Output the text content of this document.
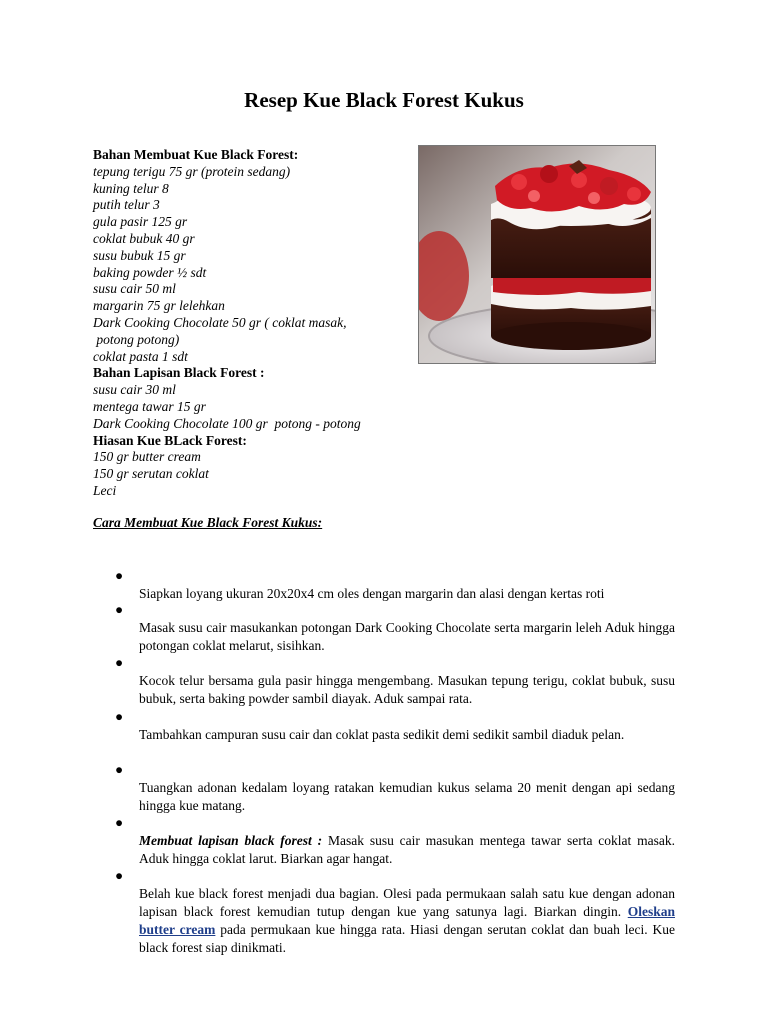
Resep Kue Black Forest Kukus
Bahan Membuat Kue Black Forest:
tepung terigu 75 gr (protein sedang)
kuning telur 8
putih telur 3
gula pasir 125 gr
coklat bubuk 40 gr
susu bubuk 15 gr
baking powder ½ sdt
susu cair 50 ml
margarin 75 gr lelehkan
Dark Cooking Chocolate 50 gr ( coklat masak,
potong potong)
coklat pasta 1 sdt
Bahan Lapisan Black Forest :
susu cair 30 ml
mentega tawar 15 gr
Dark Cooking Chocolate 100 gr  potong - potong
Hiasan Kue BLack Forest:
150 gr butter cream
150 gr serutan coklat
Leci
Cara Membuat Kue Black Forest Kukus:
●
Siapkan loyang ukuran 20x20x4 cm oles dengan margarin dan alasi dengan kertas roti
●
Masak susu cair masukankan potongan Dark Cooking Chocolate serta margarin leleh Aduk hingga potongan coklat melarut, sisihkan.
●
Kocok telur bersama gula pasir hingga mengembang. Masukan tepung terigu, coklat bubuk, susu bubuk, serta baking powder sambil diayak. Aduk sampai rata.
●
Tambahkan campuran susu cair dan coklat pasta sedikit demi sedikit sambil diaduk pelan.
●
Tuangkan adonan kedalam loyang ratakan kemudian kukus selama 20 menit dengan api sedang hingga kue matang.
●
Membuat lapisan black forest : Masak susu cair masukan mentega tawar serta coklat masak. Aduk hingga coklat larut. Biarkan agar hangat.
●
Belah kue black forest menjadi dua bagian. Olesi pada permukaan salah satu kue dengan adonan lapisan black forest kemudian tutup dengan kue yang satunya lagi. Biarkan dingin. Oleskan butter cream pada permukaan kue hingga rata. Hiasi dengan serutan coklat dan buah leci. Kue black forest siap dinikmati.
